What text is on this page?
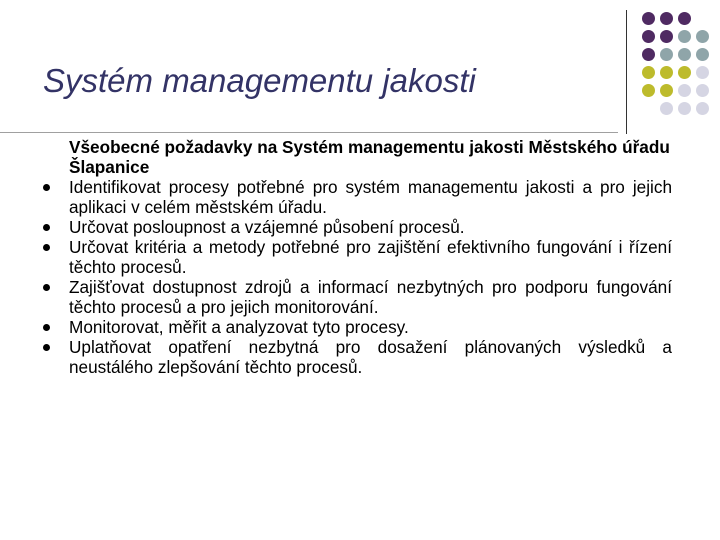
Systém managementu jakosti

Všeobecné požadavky na Systém managementu jakosti Městského úřadu Šlapanice

Identifikovat procesy potřebné pro systém managementu jakosti a pro jejich aplikaci v celém městském úřadu.
Určovat posloupnost a vzájemné působení procesů.
Určovat kritéria a metody potřebné pro zajištění efektivního fungování i řízení těchto procesů.
Zajišťovat dostupnost zdrojů a informací nezbytných pro podporu fungování těchto procesů a pro jejich monitorování.
Monitorovat, měřit a analyzovat tyto procesy.
Uplatňovat opatření nezbytná pro dosažení plánovaných výsledků a neustálého zlepšování těchto procesů.
